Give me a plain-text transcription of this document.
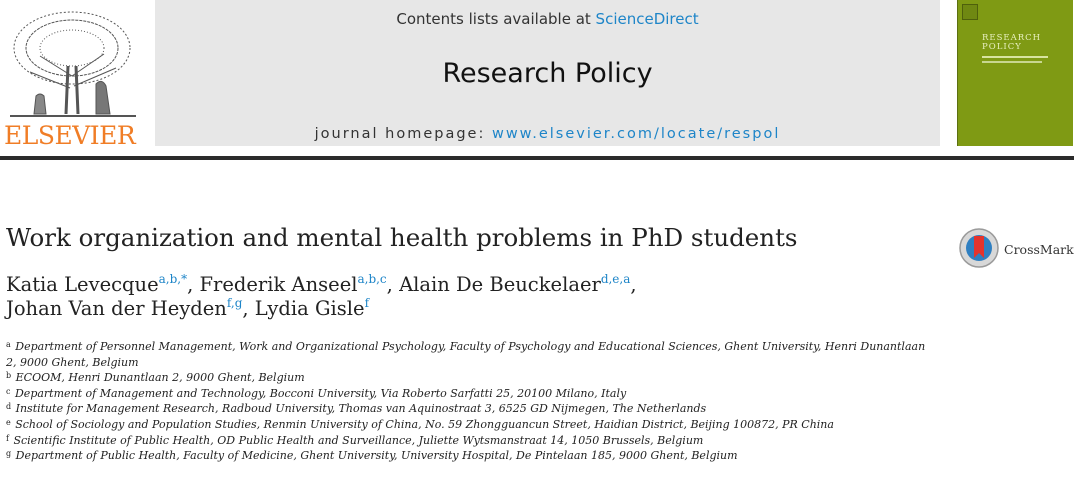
ELSEVIER
Contents lists available at ScienceDirect
Research Policy
journal homepage: www.elsevier.com/locate/respol
RESEARCH
POLICY
Work organization and mental health problems in PhD students	CrossMark
Katia Levecque$^{a,b,*}$, Frederik Anseel$^{a,b,c}$, Alain De Beuckelaer$^{d,e,a}$,
Johan Van der Heyden$^{f,g}$, Lydia Gisle$^f$
$^a$ Department of Personnel Management, Work and Organizational Psychology, Faculty of Psychology and Educational Sciences, Ghent University, Henri Dunantlaan 2, 9000 Ghent, Belgium
$^b$ ECOOM, Henri Dunantlaan 2, 9000 Ghent, Belgium
$^c$ Department of Management and Technology, Bocconi University, Via Roberto Sarfatti 25, 20100 Milano, Italy
$^d$ Institute for Management Research, Radboud University, Thomas van Aquinostraat 3, 6525 GD Nijmegen, The Netherlands
$^e$ School of Sociology and Population Studies, Renmin University of China, No. 59 Zhongguancun Street, Haidian District, Beijing 100872, PR China
$^f$ Scientific Institute of Public Health, OD Public Health and Surveillance, Juliette Wytsmanstraat 14, 1050 Brussels, Belgium
$^g$ Department of Public Health, Faculty of Medicine, Ghent University, University Hospital, De Pintelaan 185, 9000 Ghent, Belgium
